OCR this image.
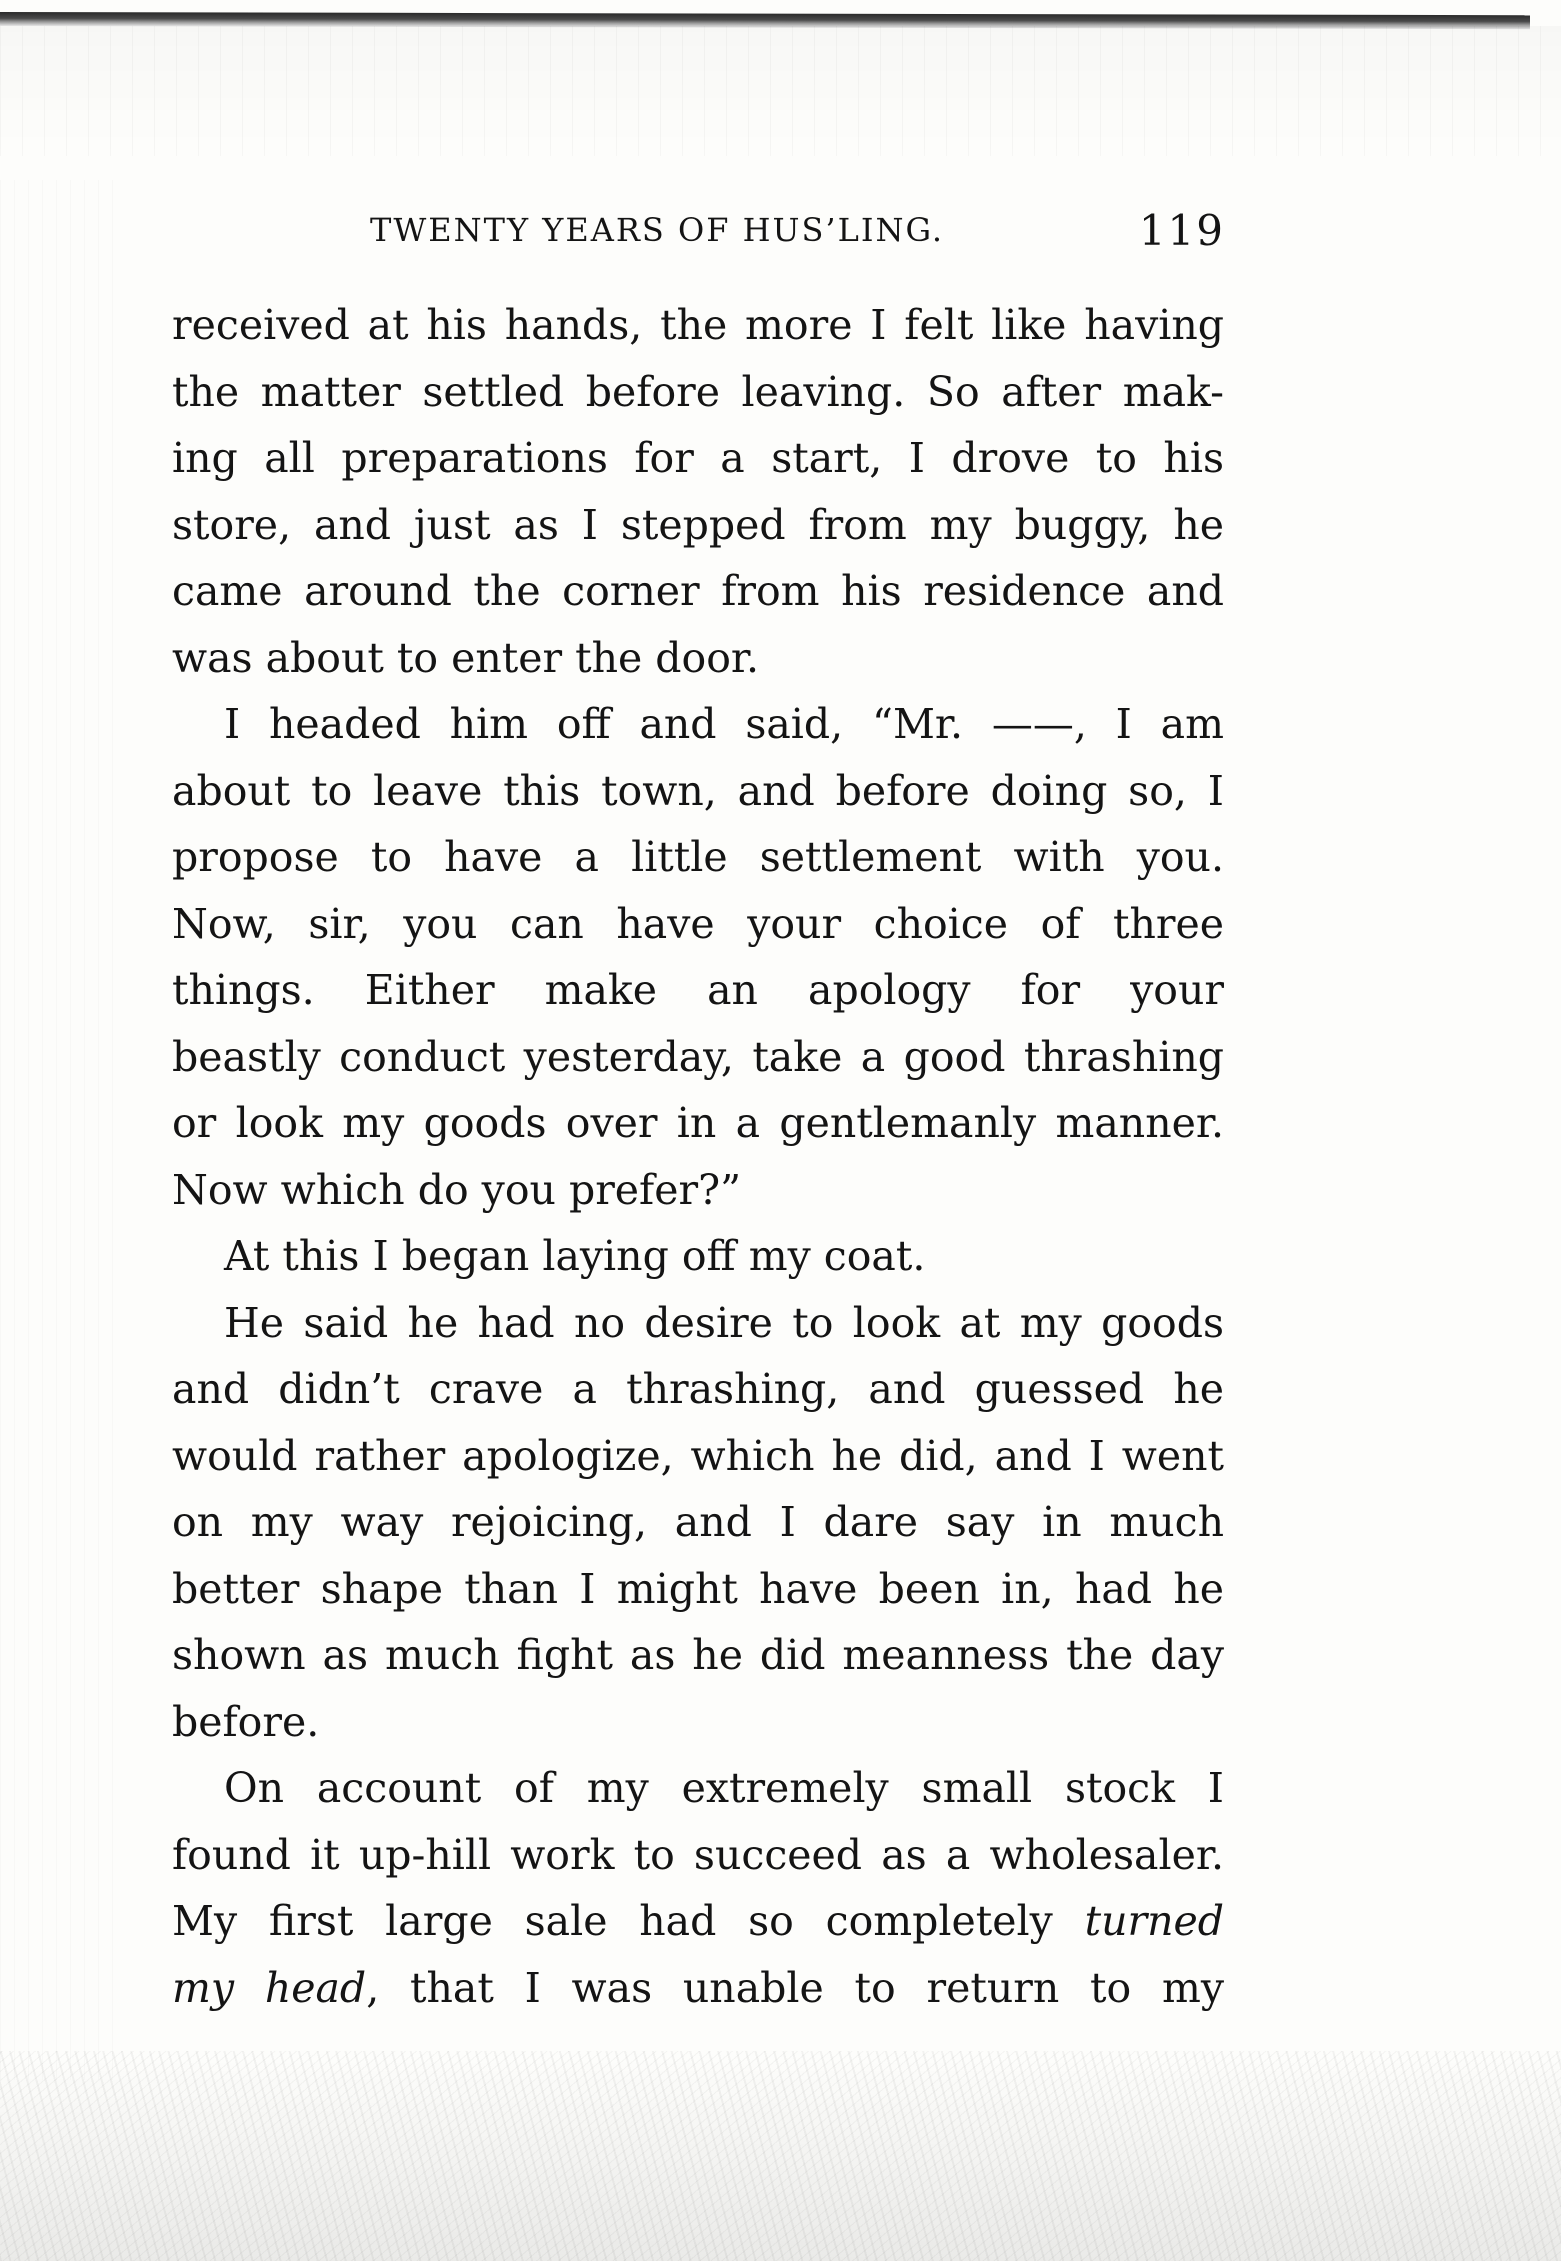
TWENTY YEARS OF HUS’LING.	119
received at his hands, the more I felt like having
the matter settled before leaving. So after mak-
ing all preparations for a start, I drove to his
store, and just as I stepped from my buggy, he
came around the corner from his residence and
was about to enter the door.
I headed him off and said, “Mr. ——, I am
about to leave this town, and before doing so, I
propose to have a little settlement with you.
Now, sir, you can have your choice of three
things. Either make an apology for your
beastly conduct yesterday, take a good thrashing
or look my goods over in a gentlemanly manner.
Now which do you prefer?”
At this I began laying off my coat.
He said he had no desire to look at my goods
and didn’t crave a thrashing, and guessed he
would rather apologize, which he did, and I went
on my way rejoicing, and I dare say in much
better shape than I might have been in, had he
shown as much fight as he did meanness the day
before.
On account of my extremely small stock I
found it up-hill work to succeed as a wholesaler.
My first large sale had so completely turned
my head, that I was unable to return to my
